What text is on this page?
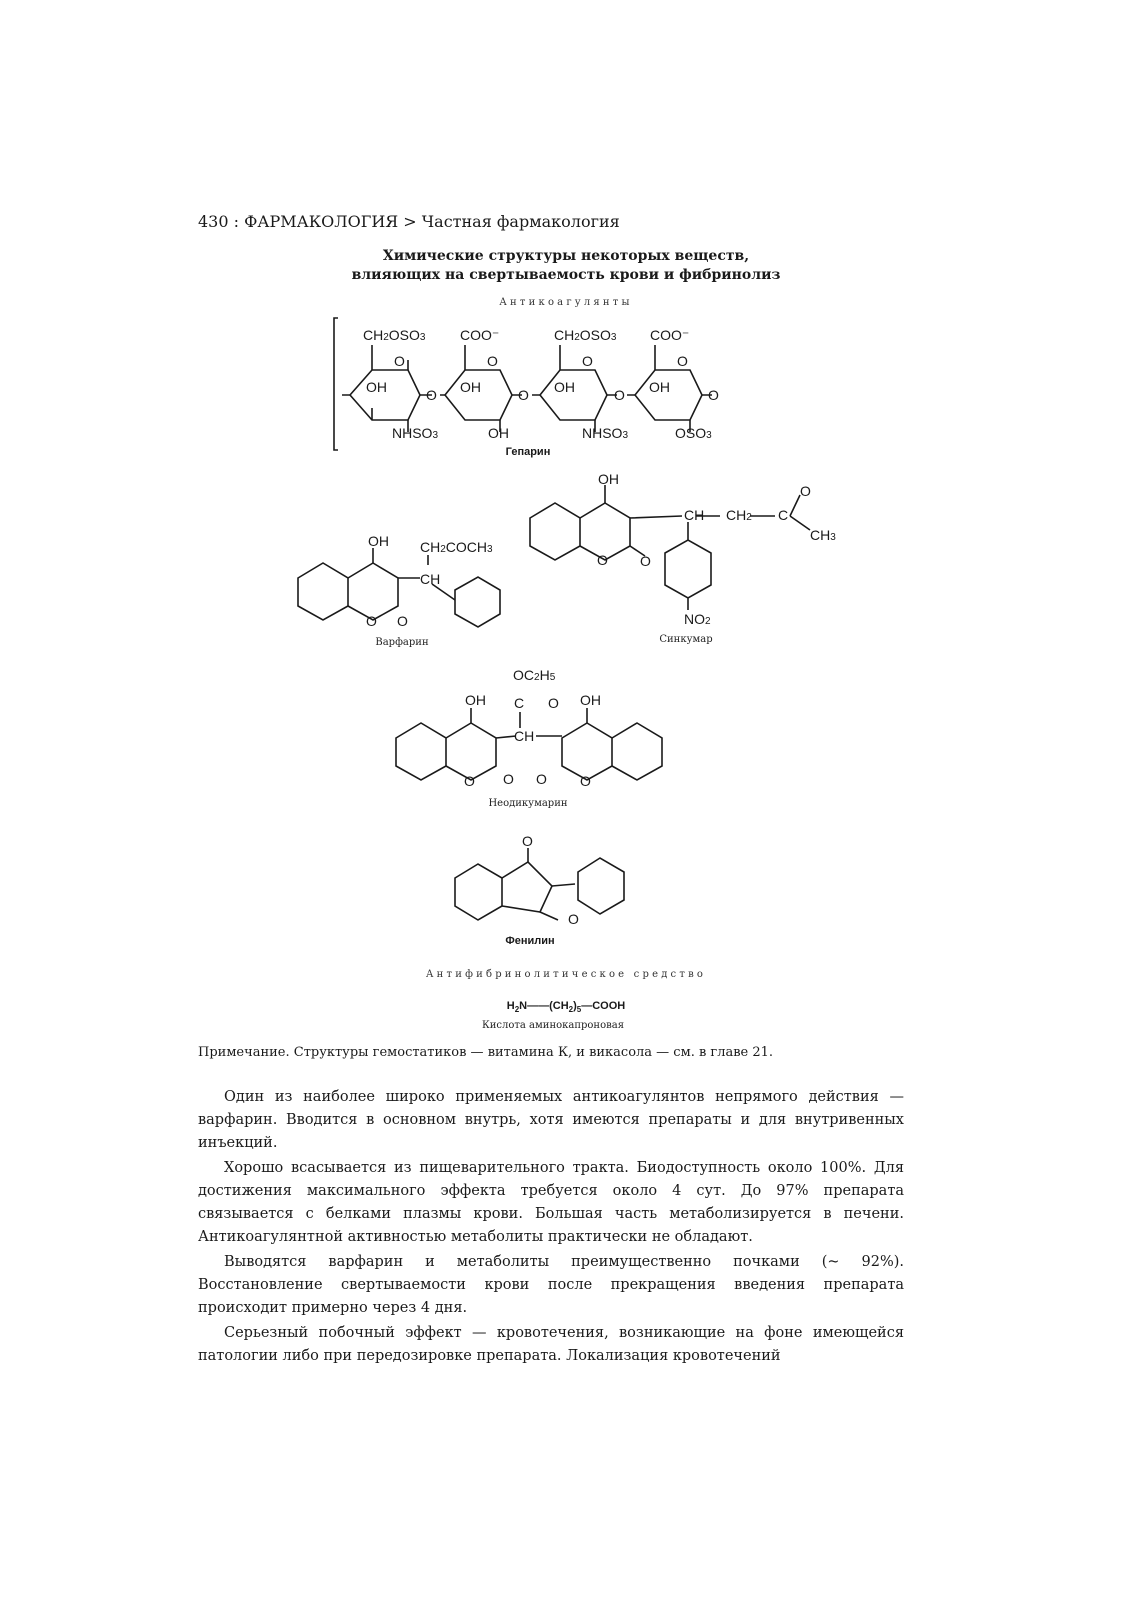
430 : ФАРМАКОЛОГИЯ > Частная фармакология
Химические структуры некоторых веществ,
влияющих на свертываемость крови и фибринолиз
Антикоагулянты
CH2OSO3 COO⁻	CH2OSO3 COO⁻
OH
O
OH
O
OH
O
OH
O
O	O	O	O
NHSO3	OH	NHSO3	OSO3
OH
CH CH2 C
O
CH3
O O
NO2
OH CH2COCH3
CH
O O
OC2H5
OH C O
CH
OH
O O O O
O
O
Гепарин
Варфарин	Синкумар
Неодикумарин
Фенилин
Антифибринолитическое средство
$H_2N——(CH_2)_5—COOH$
Кислота аминокапроновая
Примечание. Структуры гемостатиков — витамина К, и викасола — см. в главе 21.
Один из наиболее широко применяемых антикоагулянтов непрямого действия — варфарин. Вводится в основном внутрь, хотя имеются препараты и для внутривенных инъекций.
Хорошо всасывается из пищеварительного тракта. Биодоступность около 100%. Для достижения максимального эффекта требуется около 4 сут. До 97% препарата связывается с белками плазмы крови. Большая часть метаболизируется в печени. Антикоагулянтной активностью метаболиты практически не обладают.
Выводятся варфарин и метаболиты преимущественно почками (~ 92%). Восстановление свертываемости крови после прекращения введения препарата происходит примерно через 4 дня.
Серьезный побочный эффект — кровотечения, возникающие на фоне имеющейся патологии либо при передозировке препарата. Локализация кровотечений
